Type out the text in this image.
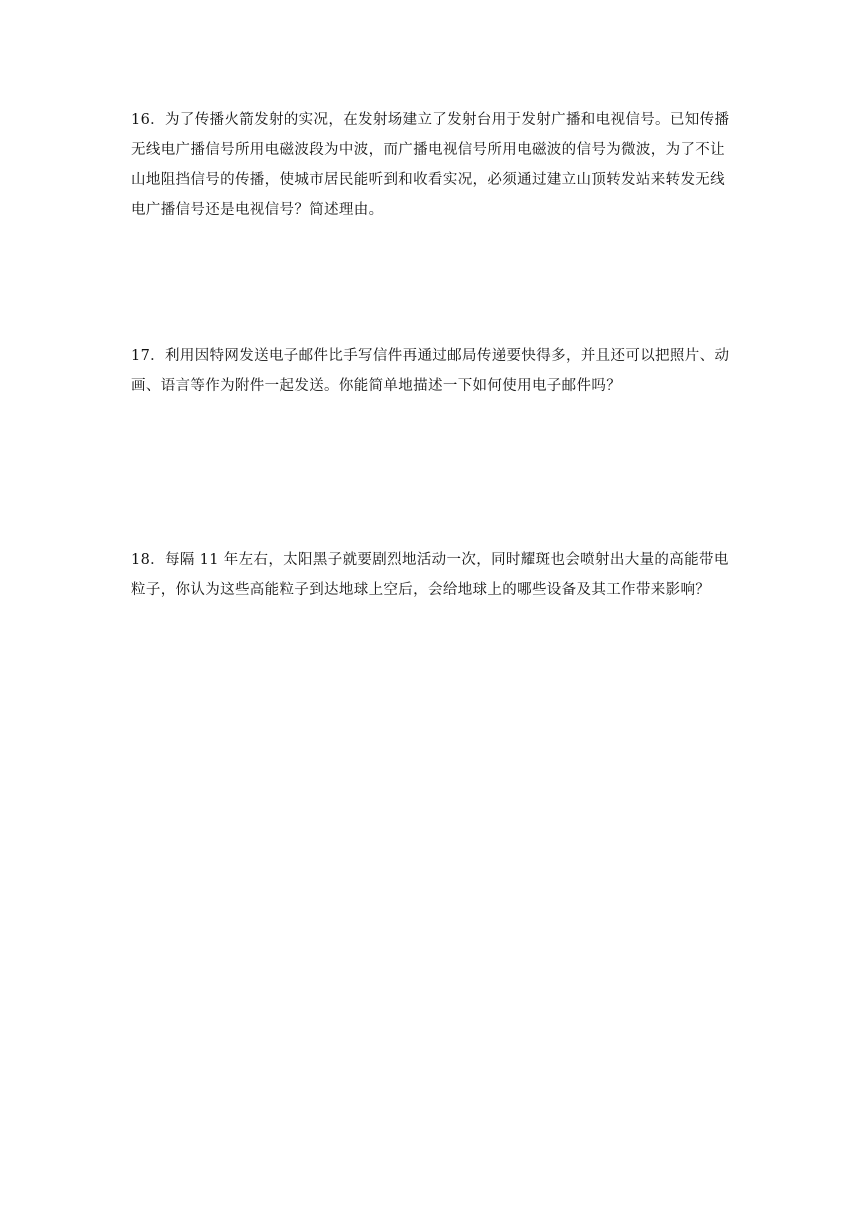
16．为了传播火箭发射的实况，在发射场建立了发射台用于发射广播和电视信号。已知传播
无线电广播信号所用电磁波段为中波，而广播电视信号所用电磁波的信号为微波，为了不让
山地阻挡信号的传播，使城市居民能听到和收看实况，必须通过建立山顶转发站来转发无线
电广播信号还是电视信号？简述理由。
17．利用因特网发送电子邮件比手写信件再通过邮局传递要快得多，并且还可以把照片、动
画、语言等作为附件一起发送。你能简单地描述一下如何使用电子邮件吗？
18．每隔 11 年左右，太阳黑子就要剧烈地活动一次，同时耀斑也会喷射出大量的高能带电
粒子，你认为这些高能粒子到达地球上空后，会给地球上的哪些设备及其工作带来影响？
